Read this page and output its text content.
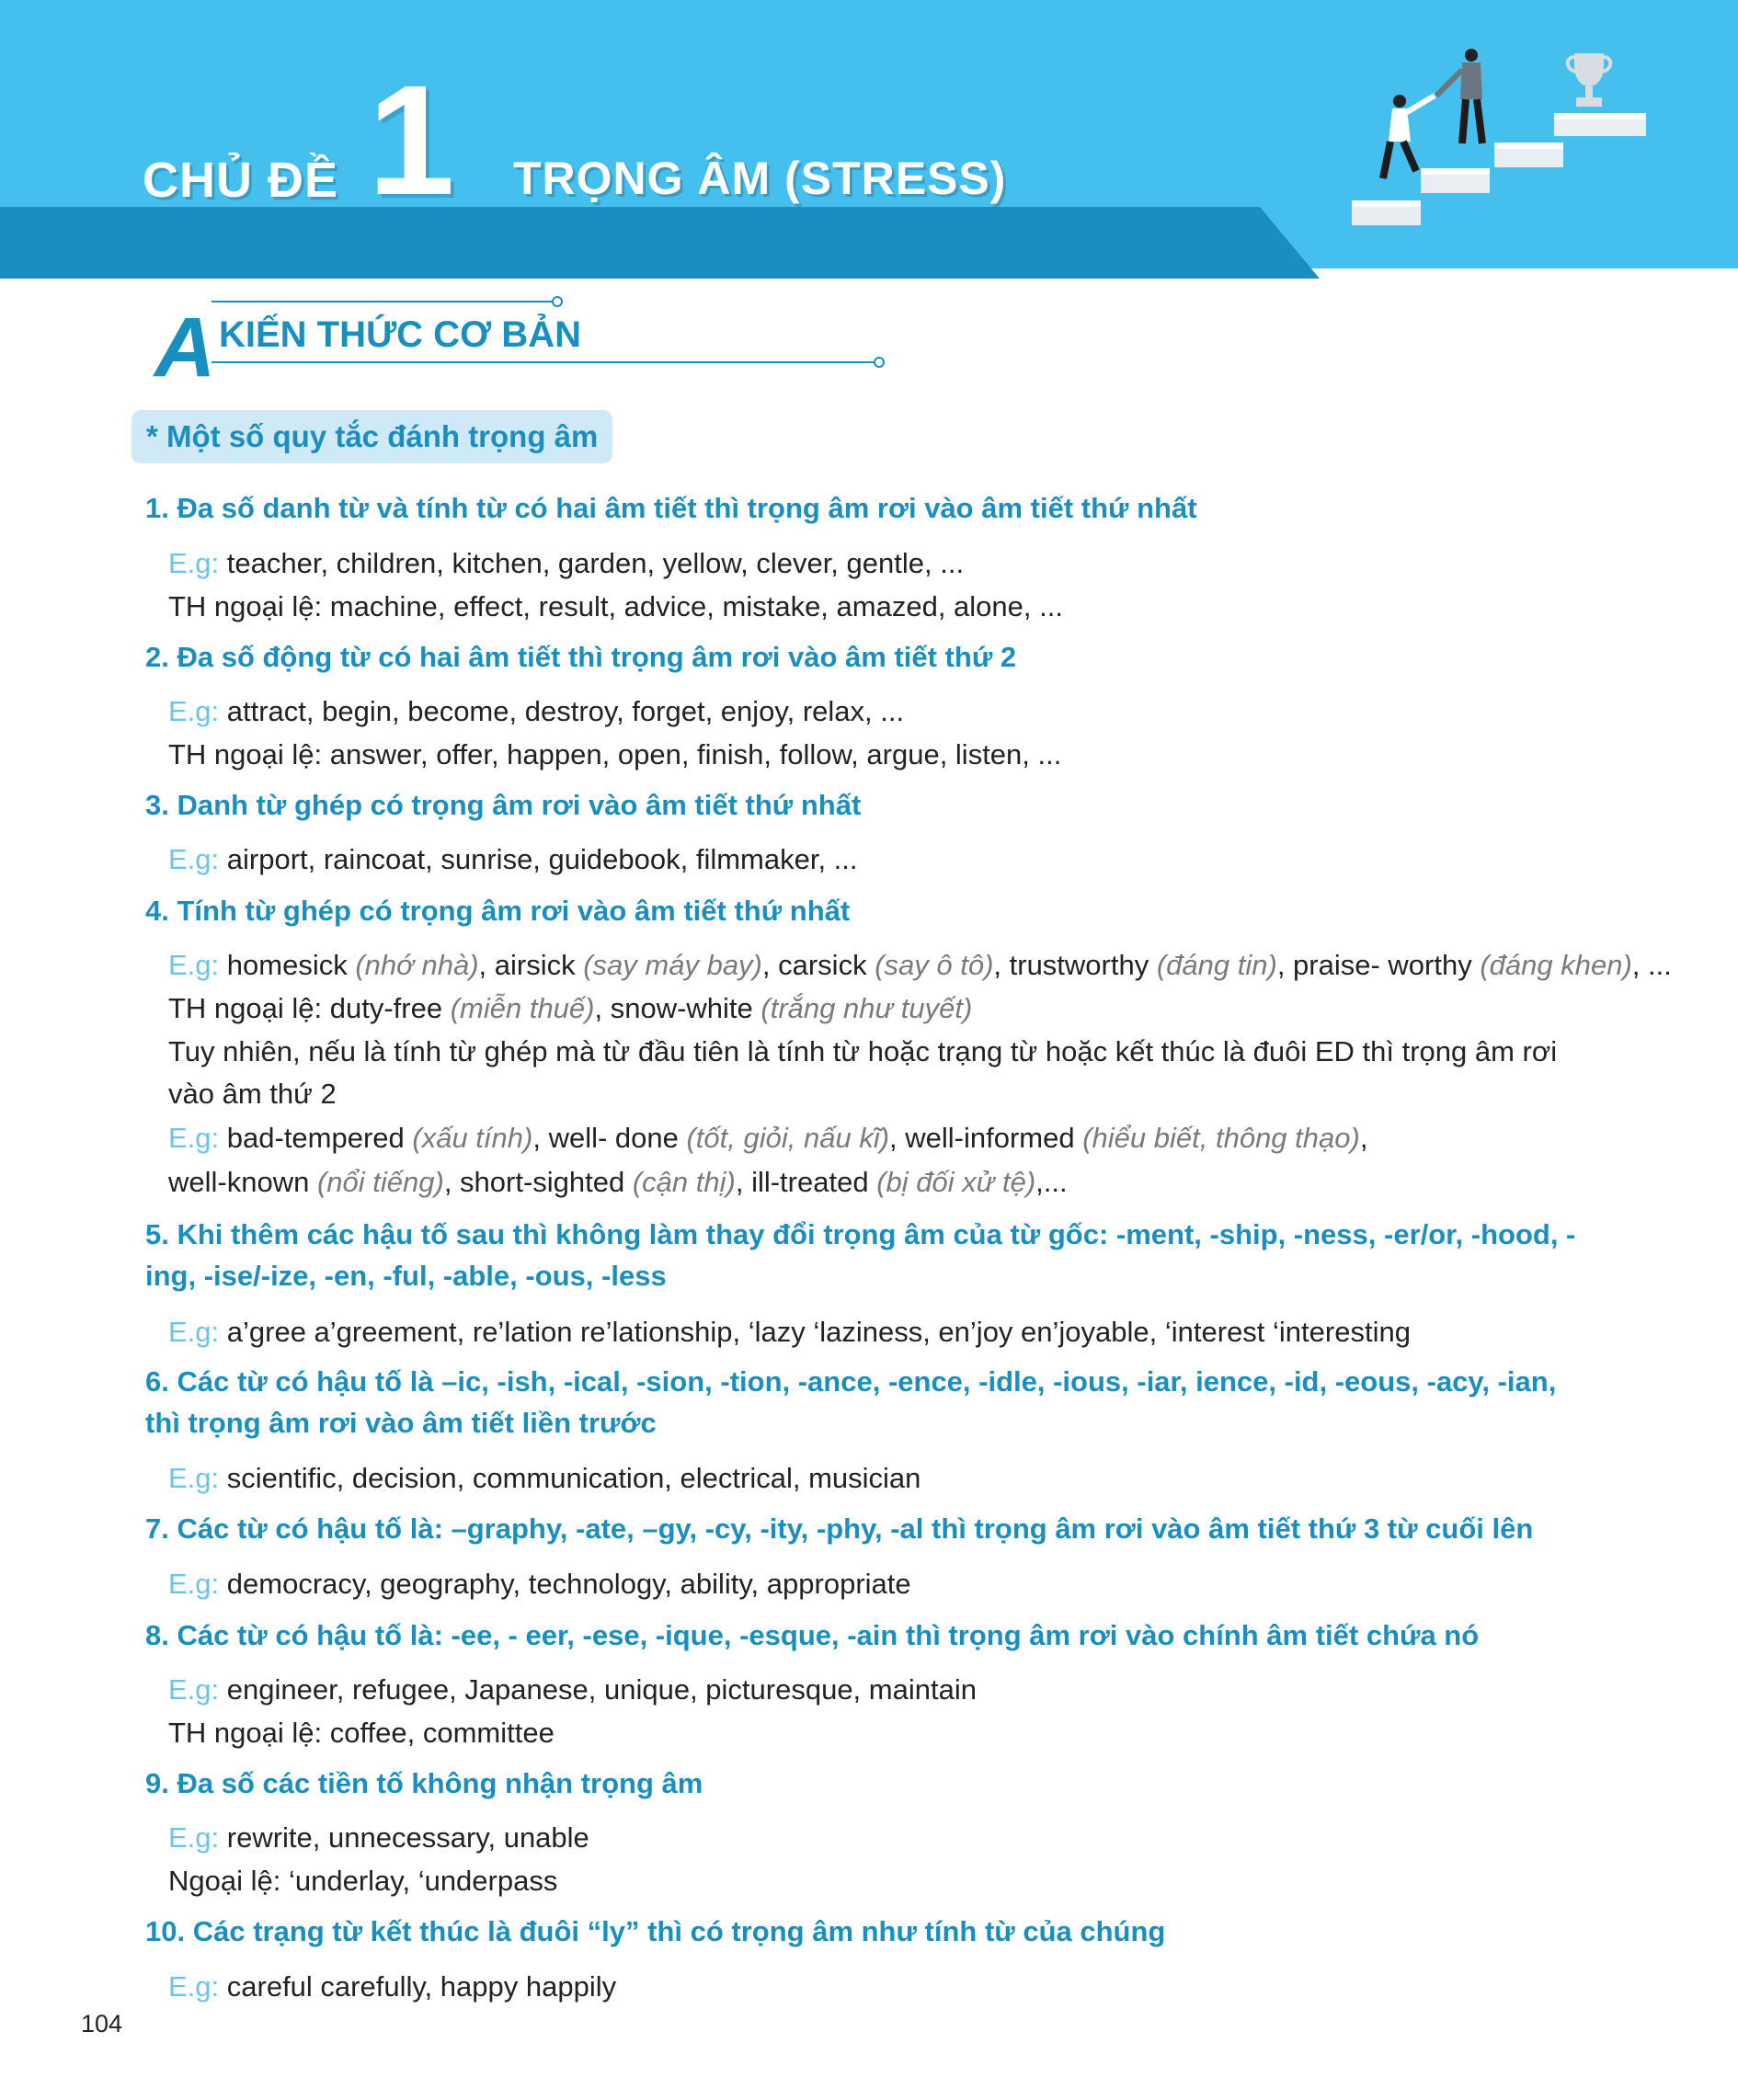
CHỦ ĐỀ 1 TRỌNG ÂM (STRESS)
A KIẾN THỨC CƠ BẢN
* Một số quy tắc đánh trọng âm
1. Đa số danh từ và tính từ có hai âm tiết thì trọng âm rơi vào âm tiết thứ nhất
E.g: teacher, children, kitchen, garden, yellow, clever, gentle, ...
TH ngoại lệ: machine, effect, result, advice, mistake, amazed, alone, ...
2. Đa số động từ có hai âm tiết thì trọng âm rơi vào âm tiết thứ 2
E.g: attract, begin, become, destroy, forget, enjoy, relax, ...
TH ngoại lệ: answer, offer, happen, open, finish, follow, argue, listen, ...
3. Danh từ ghép có trọng âm rơi vào âm tiết thứ nhất
E.g: airport, raincoat, sunrise, guidebook, filmmaker, ...
4. Tính từ ghép có trọng âm rơi vào âm tiết thứ nhất
E.g: homesick (nhớ nhà), airsick (say máy bay), carsick (say ô tô), trustworthy (đáng tin), praise- worthy (đáng khen), ...
TH ngoại lệ: duty-free (miễn thuế), snow-white (trắng như tuyết)
Tuy nhiên, nếu là tính từ ghép mà từ đầu tiên là tính từ hoặc trạng từ hoặc kết thúc là đuôi ED thì trọng âm rơi vào âm thứ 2
E.g: bad-tempered (xấu tính), well- done (tốt, giỏi, nấu kĩ), well-informed (hiểu biết, thông thạo),
well-known (nổi tiếng), short-sighted (cận thị), ill-treated (bị đối xử tệ),...
5. Khi thêm các hậu tố sau thì không làm thay đổi trọng âm của từ gốc: -ment, -ship, -ness, -er/or, -hood, -ing, -ise/-ize, -en, -ful, -able, -ous, -less
E.g: a’gree a’greement, re’lation re’lationship, ‘lazy ‘laziness, en’joy en’joyable, ‘interest ‘interesting
6. Các từ có hậu tố là –ic, -ish, -ical, -sion, -tion, -ance, -ence, -idle, -ious, -iar, ience, -id, -eous, -acy, -ian, thì trọng âm rơi vào âm tiết liền trước
E.g: scientific, decision, communication, electrical, musician
7. Các từ có hậu tố là: –graphy, -ate, –gy, -cy, -ity, -phy, -al thì trọng âm rơi vào âm tiết thứ 3 từ cuối lên
E.g: democracy, geography, technology, ability, appropriate
8. Các từ có hậu tố là: -ee, - eer, -ese, -ique, -esque, -ain thì trọng âm rơi vào chính âm tiết chứa nó
E.g: engineer, refugee, Japanese, unique, picturesque, maintain
TH ngoại lệ: coffee, committee
9. Đa số các tiền tố không nhận trọng âm
E.g: rewrite, unnecessary, unable
Ngoại lệ: ‘underlay, ‘underpass
10. Các trạng từ kết thúc là đuôi “ly” thì có trọng âm như tính từ của chúng
E.g: careful carefully, happy happily
104
